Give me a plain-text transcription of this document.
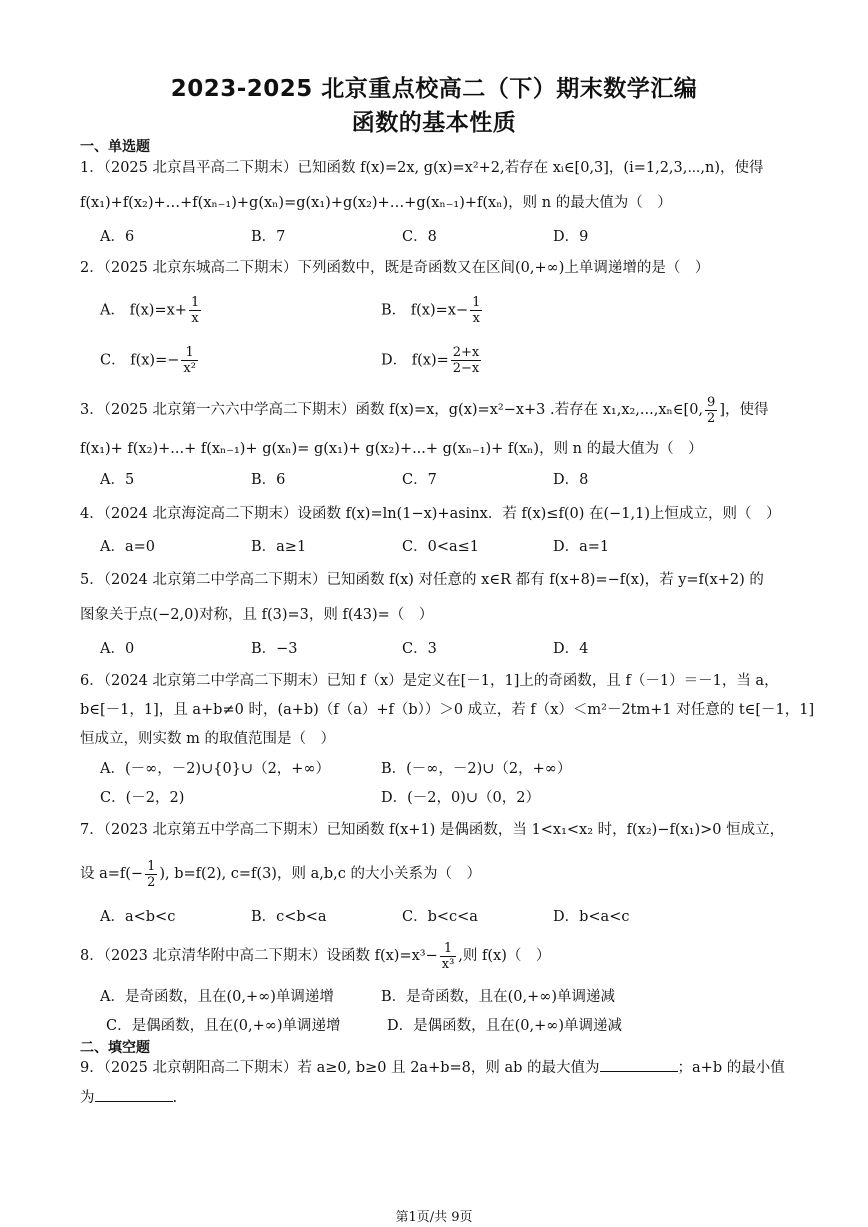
2023-2025 北京重点校高二（下）期末数学汇编
函数的基本性质
一、单选题
1．（2025 北京昌平高二下期末）已知函数 f(x)=2x, g(x)=x²+2,若存在 xᵢ∈[0,3]，(i=1,2,3,⋯,n)，使得
f(x₁)+f(x₂)+…+f(xₙ₋₁)+g(xₙ)=g(x₁)+g(x₂)+…+g(xₙ₋₁)+f(xₙ)，则 n 的最大值为（　）
A．6	B．7	C．8	D．9
2．（2025 北京东城高二下期末）下列函数中，既是奇函数又在区间(0,+∞)上单调递增的是（　）
A． $f(x)=x+ \frac{1}{x}$	B． $f(x)=x- \frac{1}{x}$
C． $f(x)=- \frac{1}{\text{x²}}$	D． $f(x)= \frac{2+x}{2-x}$
3．（2025 北京第一六六中学高二下期末）函数 f(x)=x，g(x)=x²−x+3 .若存在 x₁,x₂,...,xₙ∈[0, $\frac{9}{2}$ ]，使得
f(x₁)+ f(x₂)+...+ f(xₙ₋₁)+ g(xₙ)= g(x₁)+ g(x₂)+...+ g(xₙ₋₁)+ f(xₙ)，则 n 的最大值为（　）
A．5	B．6	C．7	D．8
4．（2024 北京海淀高二下期末）设函数 f(x)=ln(1−x)+asinx．若 f(x)≤f(0) 在(−1,1)上恒成立，则（　）
A．a=0	B．a≥1	C．0<a≤1	D．a=1
5．（2024 北京第二中学高二下期末）已知函数 f(x) 对任意的 x∈R 都有 f(x+8)=−f(x)，若 y=f(x+2) 的
图象关于点(−2,0)对称，且 f(3)=3，则 f(43)=（　）
A．0	B．−3	C．3	D．4
6．（2024 北京第二中学高二下期末）已知 f（x）是定义在[－1，1]上的奇函数，且 f（－1）＝－1，当 a，
b∈[－1，1]，且 a+b≠0 时，(a+b)（f（a）+f（b））＞0 成立，若 f（x）＜m²－2tm+1 对任意的 t∈[－1，1]
恒成立，则实数 m 的取值范围是（　）
A．(－∞，－2)∪{0}∪（2，+∞）	B．(－∞，－2)∪（2，+∞）
C．(－2，2)	D．(－2，0)∪（0，2）
7．（2023 北京第五中学高二下期末）已知函数 f(x+1) 是偶函数，当 1<x₁<x₂ 时，f(x₂)−f(x₁)>0 恒成立，
设 $a=f(- \frac{1}{2}$ ), b=f(2), c=f(3)，则 a,b,c 的大小关系为（　）
A．a<b<c	B．c<b<a	C．b<c<a	D．b<a<c
8．（2023 北京清华附中高二下期末）设函数 $f(x)=x^3- \frac{1}{\text{x³}}$ ,则 f(x)（　）
A．是奇函数，且在(0,+∞)单调递增	B．是奇函数，且在(0,+∞)单调递减
C．是偶函数，且在(0,+∞)单调递增	D．是偶函数，且在(0,+∞)单调递减
二、填空题
9．（2025 北京朝阳高二下期末）若 a≥0, b≥0 且 2a+b=8，则 ab 的最大值为	；a+b 的最小值
为	.
第1页/共 9页
